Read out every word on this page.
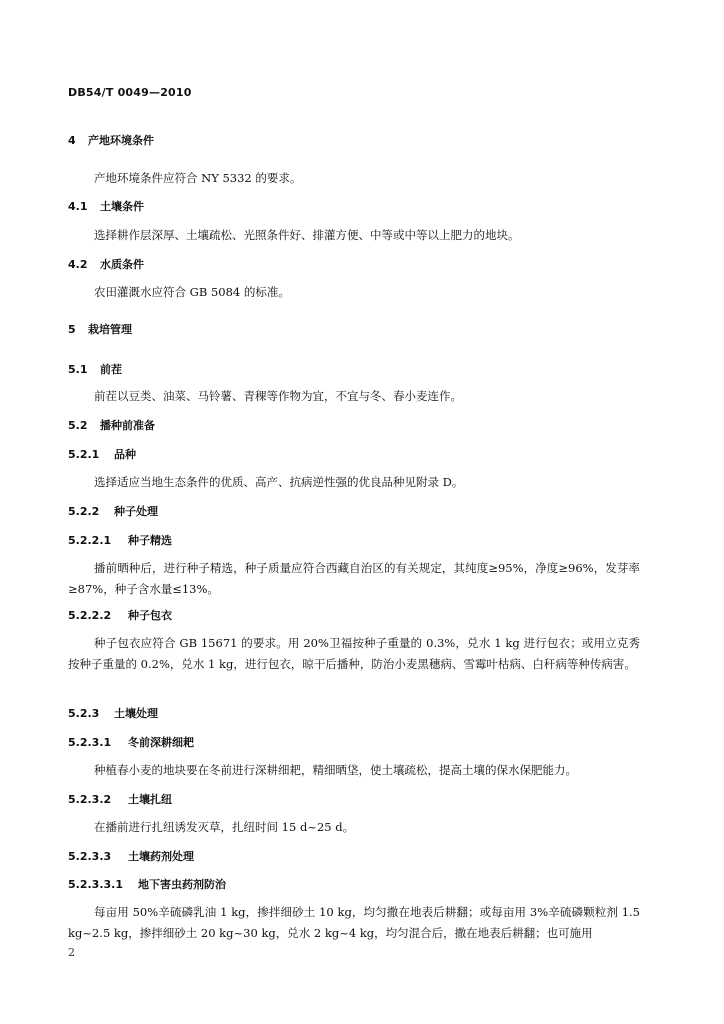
DB54/T 0049—2010
4 产地环境条件
产地环境条件应符合 NY 5332 的要求。
4.1 土壤条件
选择耕作层深厚、土壤疏松、光照条件好、排灌方便、中等或中等以上肥力的地块。
4.2 水质条件
农田灌溉水应符合 GB 5084 的标准。
5 栽培管理
5.1 前茬
前茬以豆类、油菜、马铃薯、青稞等作物为宜，不宜与冬、春小麦连作。
5.2 播种前准备
5.2.1 品种
选择适应当地生态条件的优质、高产、抗病逆性强的优良品种见附录 D。
5.2.2 种子处理
5.2.2.1 种子精选
播前晒种后，进行种子精选，种子质量应符合西藏自治区的有关规定，其纯度≥95%，净度≥96%，发芽率≥87%，种子含水量≤13%。
5.2.2.2 种子包衣
种子包衣应符合 GB 15671 的要求。用 20%卫福按种子重量的 0.3%，兑水 1 kg 进行包衣；或用立克秀按种子重量的 0.2%，兑水 1 kg，进行包衣，晾干后播种，防治小麦黑穗病、雪霉叶枯病、白秆病等种传病害。
5.2.3 土壤处理
5.2.3.1 冬前深耕细耙
种植春小麦的地块要在冬前进行深耕细耙，精细晒垡，使土壤疏松，提高土壤的保水保肥能力。
5.2.3.2 土壤扎纽
在播前进行扎纽诱发灭草，扎纽时间 15 d~25 d。
5.2.3.3 土壤药剂处理
5.2.3.3.1 地下害虫药剂防治
每亩用 50%辛硫磷乳油 1 kg，掺拌细砂土 10 kg，均匀撒在地表后耕翻；或每亩用 3%辛硫磷颗粒剂 1.5 kg~2.5 kg，掺拌细砂土 20 kg~30 kg，兑水 2 kg~4 kg，均匀混合后，撒在地表后耕翻；也可施用
2
